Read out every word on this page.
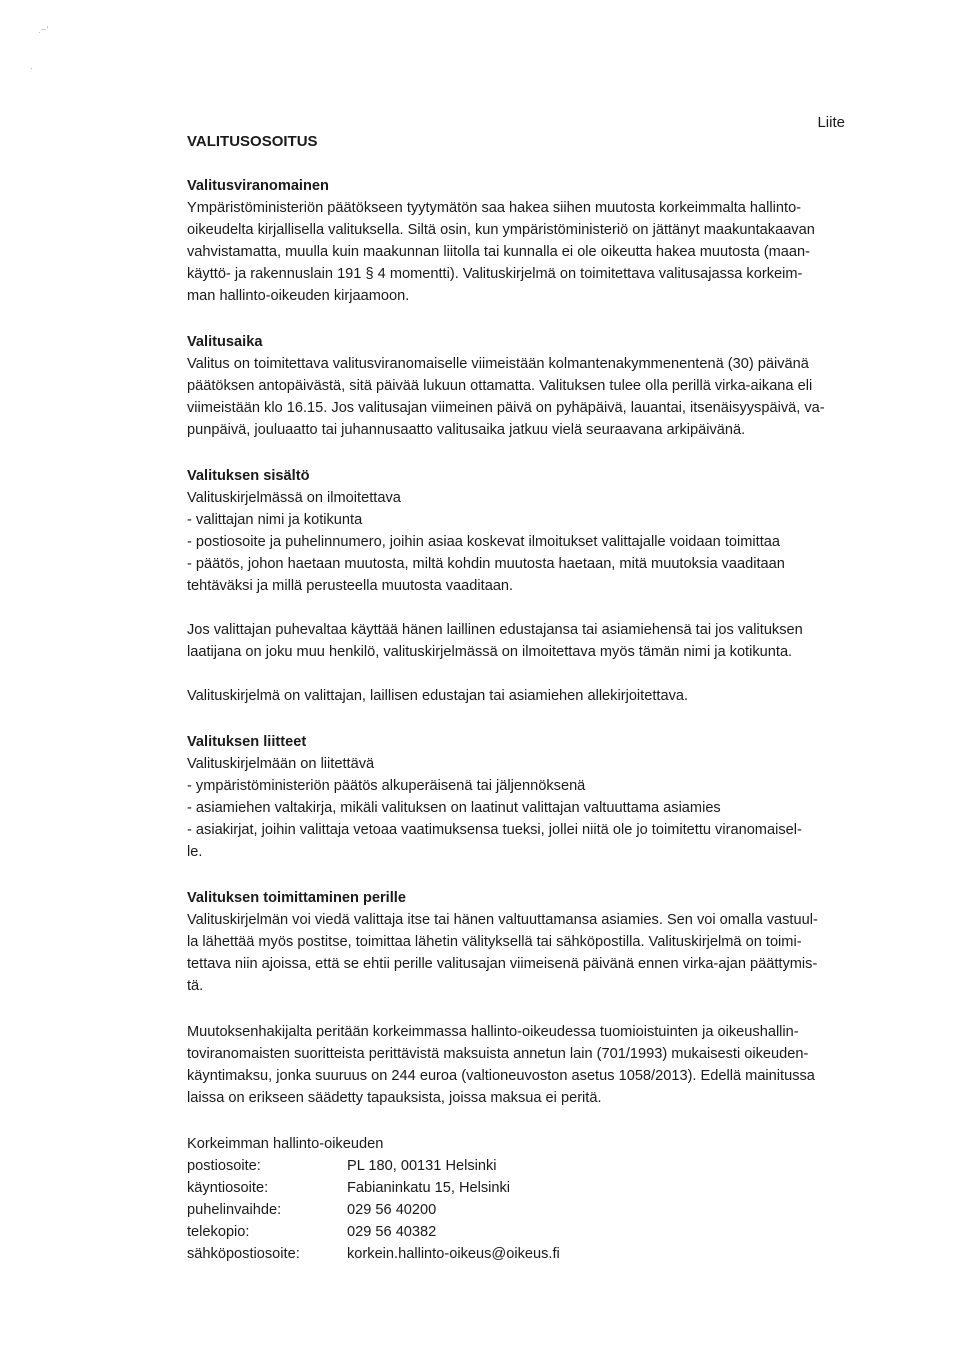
.~'
.
Liite
VALITUSOSOITUS
Valitusviranomainen
Ympäristöministeriön päätökseen tyytymätön saa hakea siihen muutosta korkeimmalta hallinto-
oikeudelta kirjallisella valituksella. Siltä osin, kun ympäristöministeriö on jättänyt maakuntakaavan
vahvistamatta, muulla kuin maakunnan liitolla tai kunnalla ei ole oikeutta hakea muutosta (maan-
käyttö- ja rakennuslain 191 § 4 momentti). Valituskirjelmä on toimitettava valitusajassa korkeim-
man hallinto-oikeuden kirjaamoon.
Valitusaika
Valitus on toimitettava valitusviranomaiselle viimeistään kolmantenakymmenentenä (30) päivänä
päätöksen antopäivästä, sitä päivää lukuun ottamatta. Valituksen tulee olla perillä virka-aikana eli
viimeistään klo 16.15. Jos valitusajan viimeinen päivä on pyhäpäivä, lauantai, itsenäisyyspäivä, va-
punpäivä, jouluaatto tai juhannusaatto valitusaika jatkuu vielä seuraavana arkipäivänä.
Valituksen sisältö
Valituskirjelmässä on ilmoitettava
- valittajan nimi ja kotikunta
- postiosoite ja puhelinnumero, joihin asiaa koskevat ilmoitukset valittajalle voidaan toimittaa
- päätös, johon haetaan muutosta, miltä kohdin muutosta haetaan, mitä muutoksia vaaditaan
tehtäväksi ja millä perusteella muutosta vaaditaan.
Jos valittajan puhevaltaa käyttää hänen laillinen edustajansa tai asiamiehensä tai jos valituksen
laatijana on joku muu henkilö, valituskirjelmässä on ilmoitettava myös tämän nimi ja kotikunta.
Valituskirjelmä on valittajan, laillisen edustajan tai asiamiehen allekirjoitettava.
Valituksen liitteet
Valituskirjelmään on liitettävä
- ympäristöministeriön päätös alkuperäisenä tai jäljennöksenä
- asiamiehen valtakirja, mikäli valituksen on laatinut valittajan valtuuttama asiamies
- asiakirjat, joihin valittaja vetoaa vaatimuksensa tueksi, jollei niitä ole jo toimitettu viranomaisel-
le.
Valituksen toimittaminen perille
Valituskirjelmän voi viedä valittaja itse tai hänen valtuuttamansa asiamies. Sen voi omalla vastuul-
la lähettää myös postitse, toimittaa lähetin välityksellä tai sähköpostilla. Valituskirjelmä on toimi-
tettava niin ajoissa, että se ehtii perille valitusajan viimeisenä päivänä ennen virka-ajan päättymis-
tä.
Muutoksenhakijalta peritään korkeimmassa hallinto-oikeudessa tuomioistuinten ja oikeushallin-
toviranomaisten suoritteista perittävistä maksuista annetun lain (701/1993) mukaisesti oikeuden-
käyntimaksu, jonka suuruus on 244 euroa (valtioneuvoston asetus 1058/2013). Edellä mainitussa
laissa on erikseen säädetty tapauksista, joissa maksua ei peritä.
Korkeimman hallinto-oikeuden
postiosoite:	PL 180, 00131 Helsinki
käyntiosoite:	Fabianinkatu 15, Helsinki
puhelinvaihde:	029 56 40200
telekopio:	029 56 40382
sähköpostiosoite:	korkein.hallinto-oikeus@oikeus.fi
